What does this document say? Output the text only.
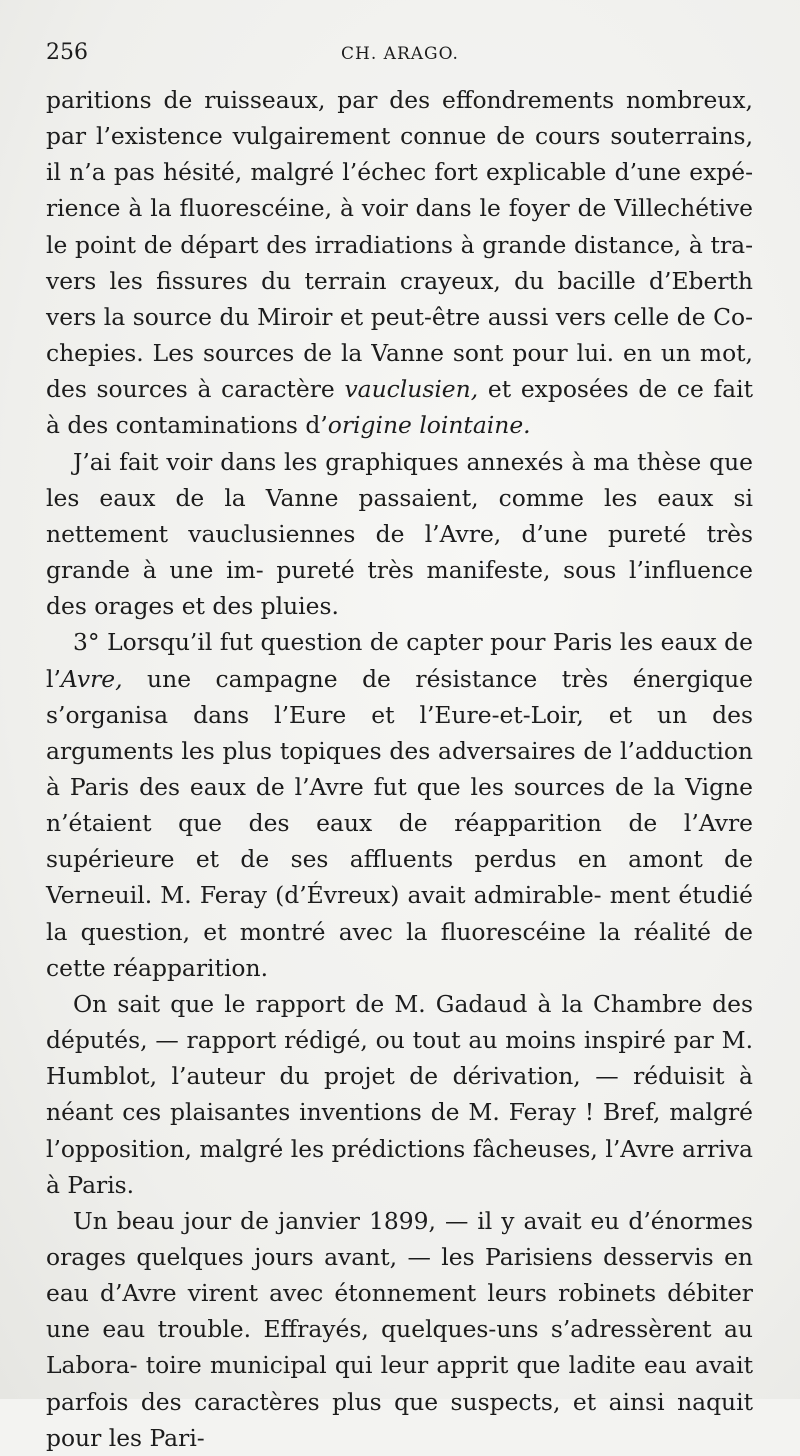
256	CH. ARAGO.

paritions de ruisseaux, par des effondrements nombreux, par l’existence vulgairement connue de cours souterrains, il n’a pas hésité, malgré l’échec fort explicable d’une expé- rience à la fluorescéine, à voir dans le foyer de Villechétive le point de départ des irradiations à grande distance, à tra- vers les fissures du terrain crayeux, du bacille d’Eberth vers la source du Miroir et peut-être aussi vers celle de Co- chepies. Les sources de la Vanne sont pour lui. en un mot, des sources à caractère vauclusien, et exposées de ce fait à des contaminations d’origine lointaine.

J’ai fait voir dans les graphiques annexés à ma thèse que les eaux de la Vanne passaient, comme les eaux si nettement vauclusiennes de l’Avre, d’une pureté très grande à une im- pureté très manifeste, sous l’influence des orages et des pluies.

3° Lorsqu’il fut question de capter pour Paris les eaux de l’Avre, une campagne de résistance très énergique s’organisa dans l’Eure et l’Eure-et-Loir, et un des arguments les plus topiques des adversaires de l’adduction à Paris des eaux de l’Avre fut que les sources de la Vigne n’étaient que des eaux de réapparition de l’Avre supérieure et de ses affluents perdus en amont de Verneuil. M. Feray (d’Évreux) avait admirable- ment étudié la question, et montré avec la fluorescéine la réalité de cette réapparition.

On sait que le rapport de M. Gadaud à la Chambre des députés, — rapport rédigé, ou tout au moins inspiré par M. Humblot, l’auteur du projet de dérivation, — réduisit à néant ces plaisantes inventions de M. Feray ! Bref, malgré l’opposition, malgré les prédictions fâcheuses, l’Avre arriva à Paris.

Un beau jour de janvier 1899, — il y avait eu d’énormes orages quelques jours avant, — les Parisiens desservis en eau d’Avre virent avec étonnement leurs robinets débiter une eau trouble. Effrayés, quelques-uns s’adressèrent au Labora- toire municipal qui leur apprit que ladite eau avait parfois des caractères plus que suspects, et ainsi naquit pour les Pari-
